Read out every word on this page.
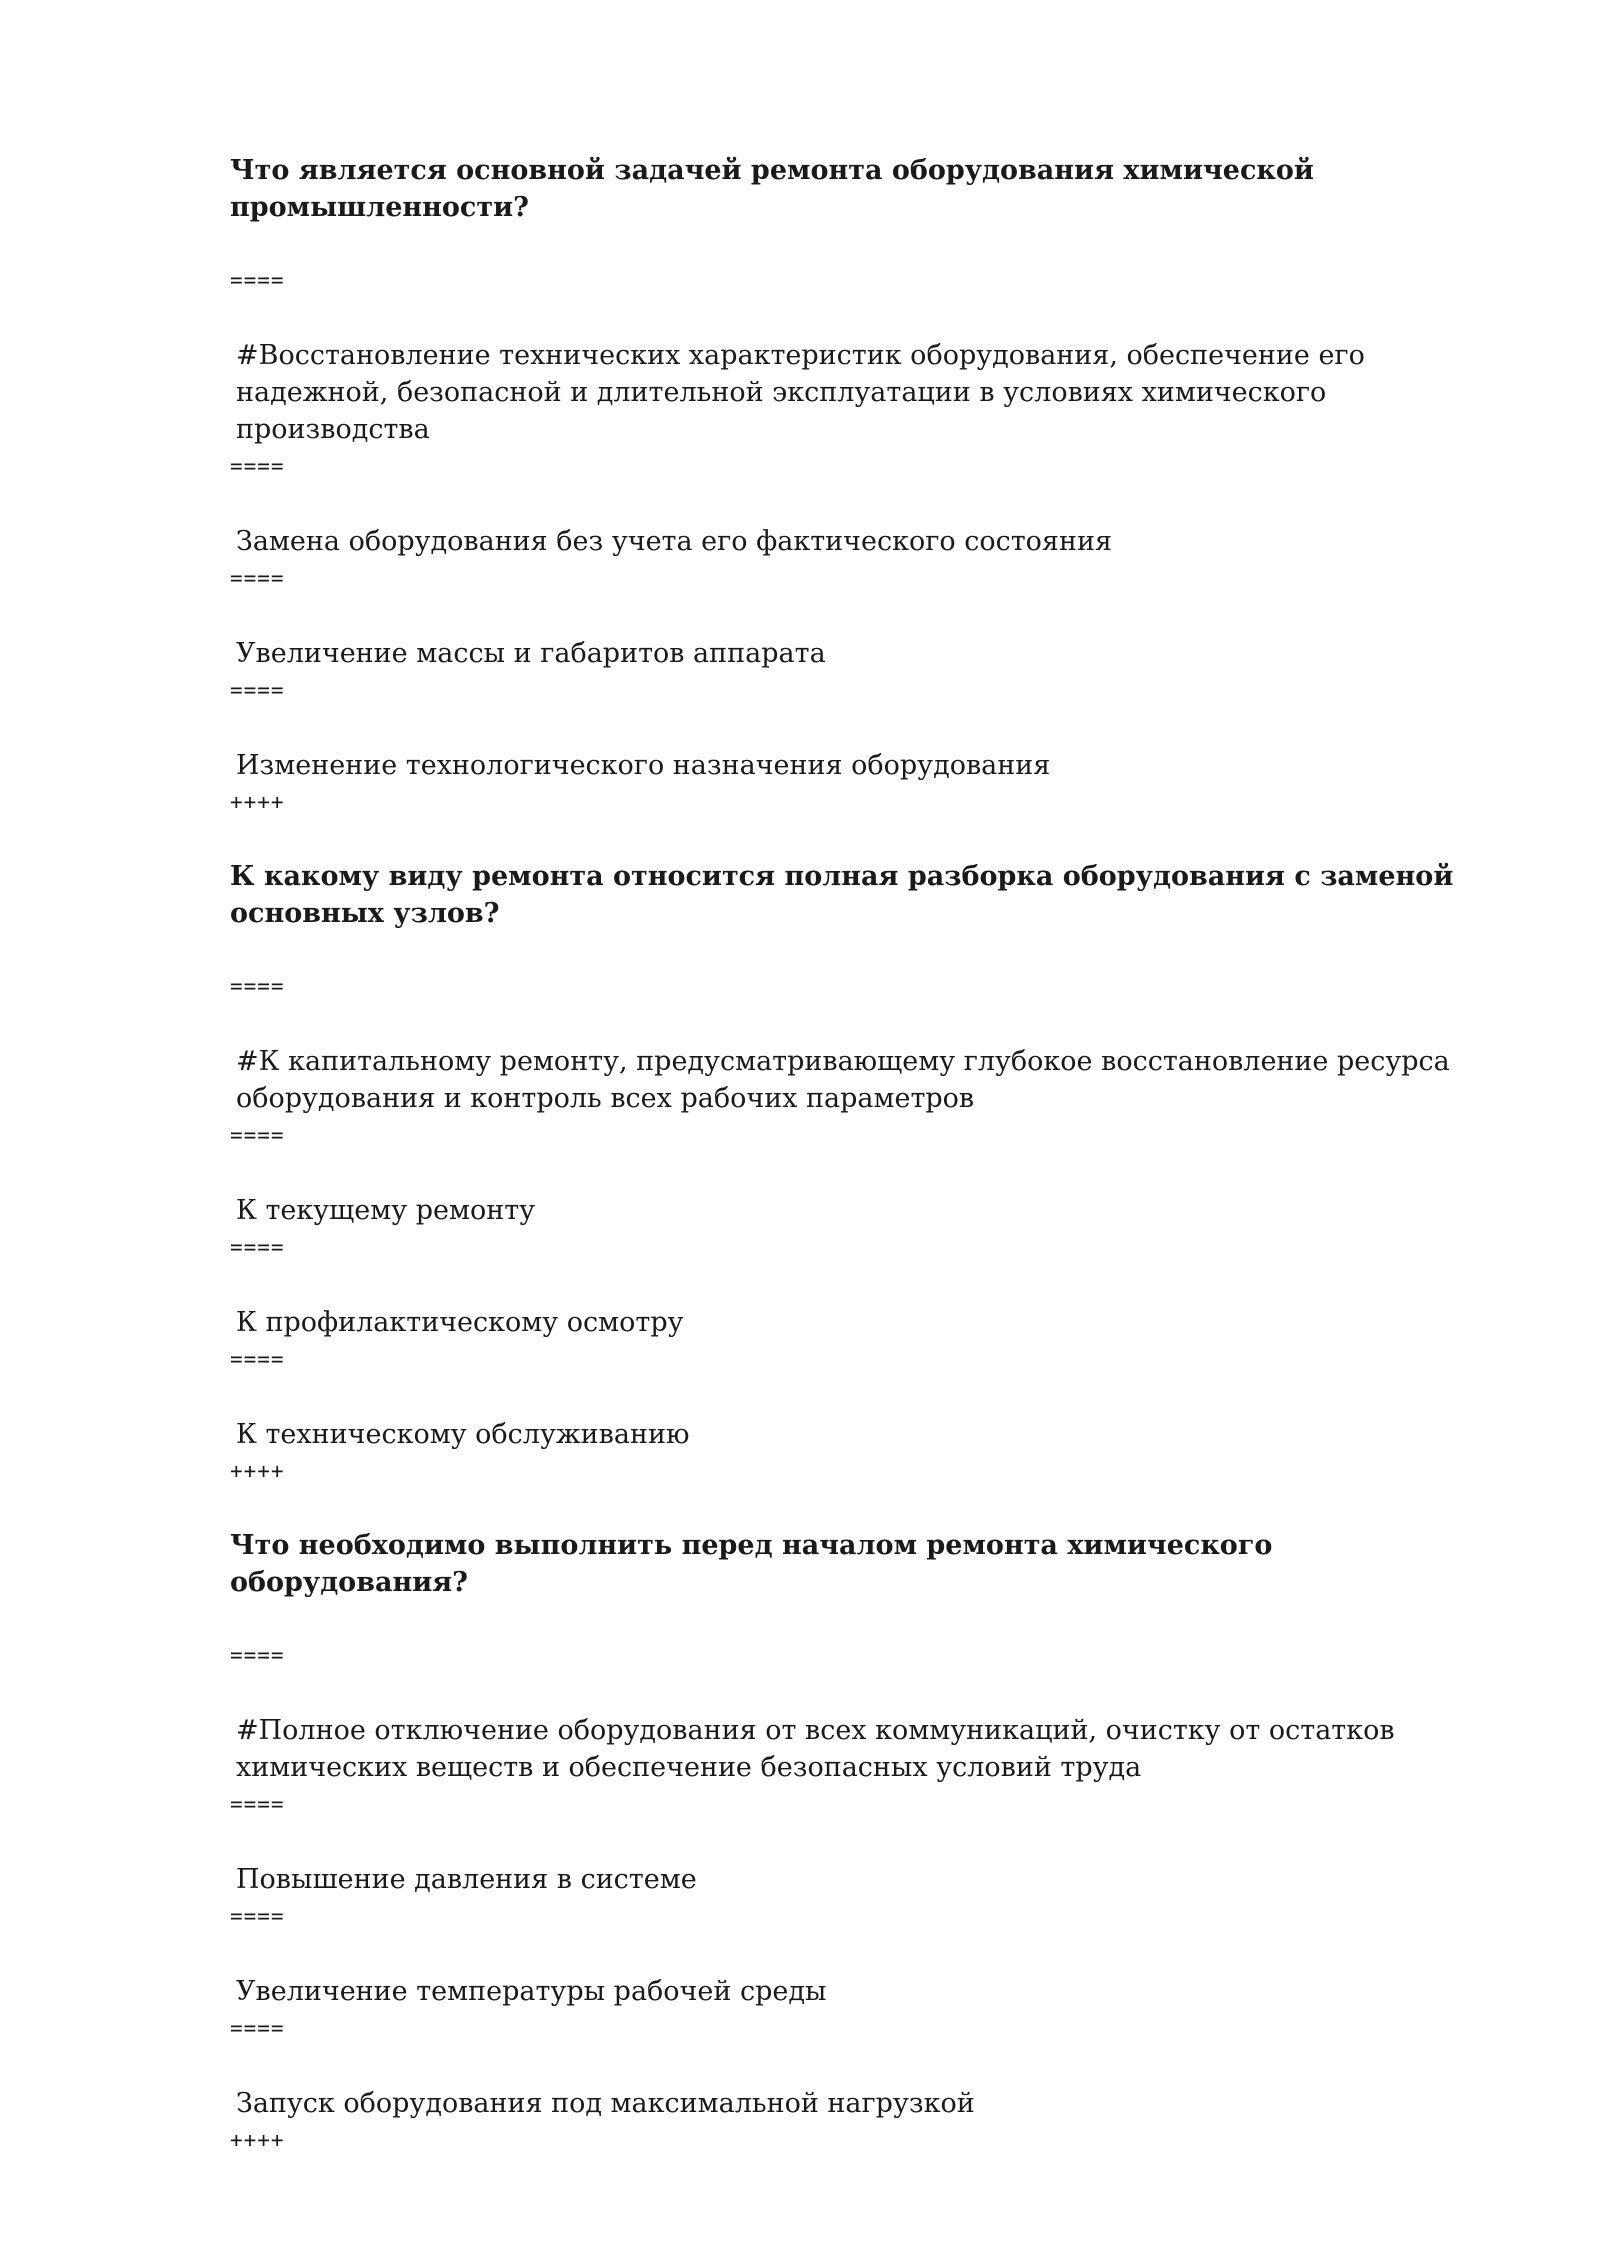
Что является основной задачей ремонта оборудования химической промышленности?

====

#Восстановление технических характеристик оборудования, обеспечение его надежной, безопасной и длительной эксплуатации в условиях химического производства

====

Замена оборудования без учета его фактического состояния

====

Увеличение массы и габаритов аппарата

====

Изменение технологического назначения оборудования

++++

К какому виду ремонта относится полная разборка оборудования с заменой основных узлов?

====

#К капитальному ремонту, предусматривающему глубокое восстановление ресурса оборудования и контроль всех рабочих параметров

====

К текущему ремонту

====

К профилактическому осмотру

====

К техническому обслуживанию

++++

Что необходимо выполнить перед началом ремонта химического оборудования?

====

#Полное отключение оборудования от всех коммуникаций, очистку от остатков химических веществ и обеспечение безопасных условий труда

====

Повышение давления в системе

====

Увеличение температуры рабочей среды

====

Запуск оборудования под максимальной нагрузкой

++++
